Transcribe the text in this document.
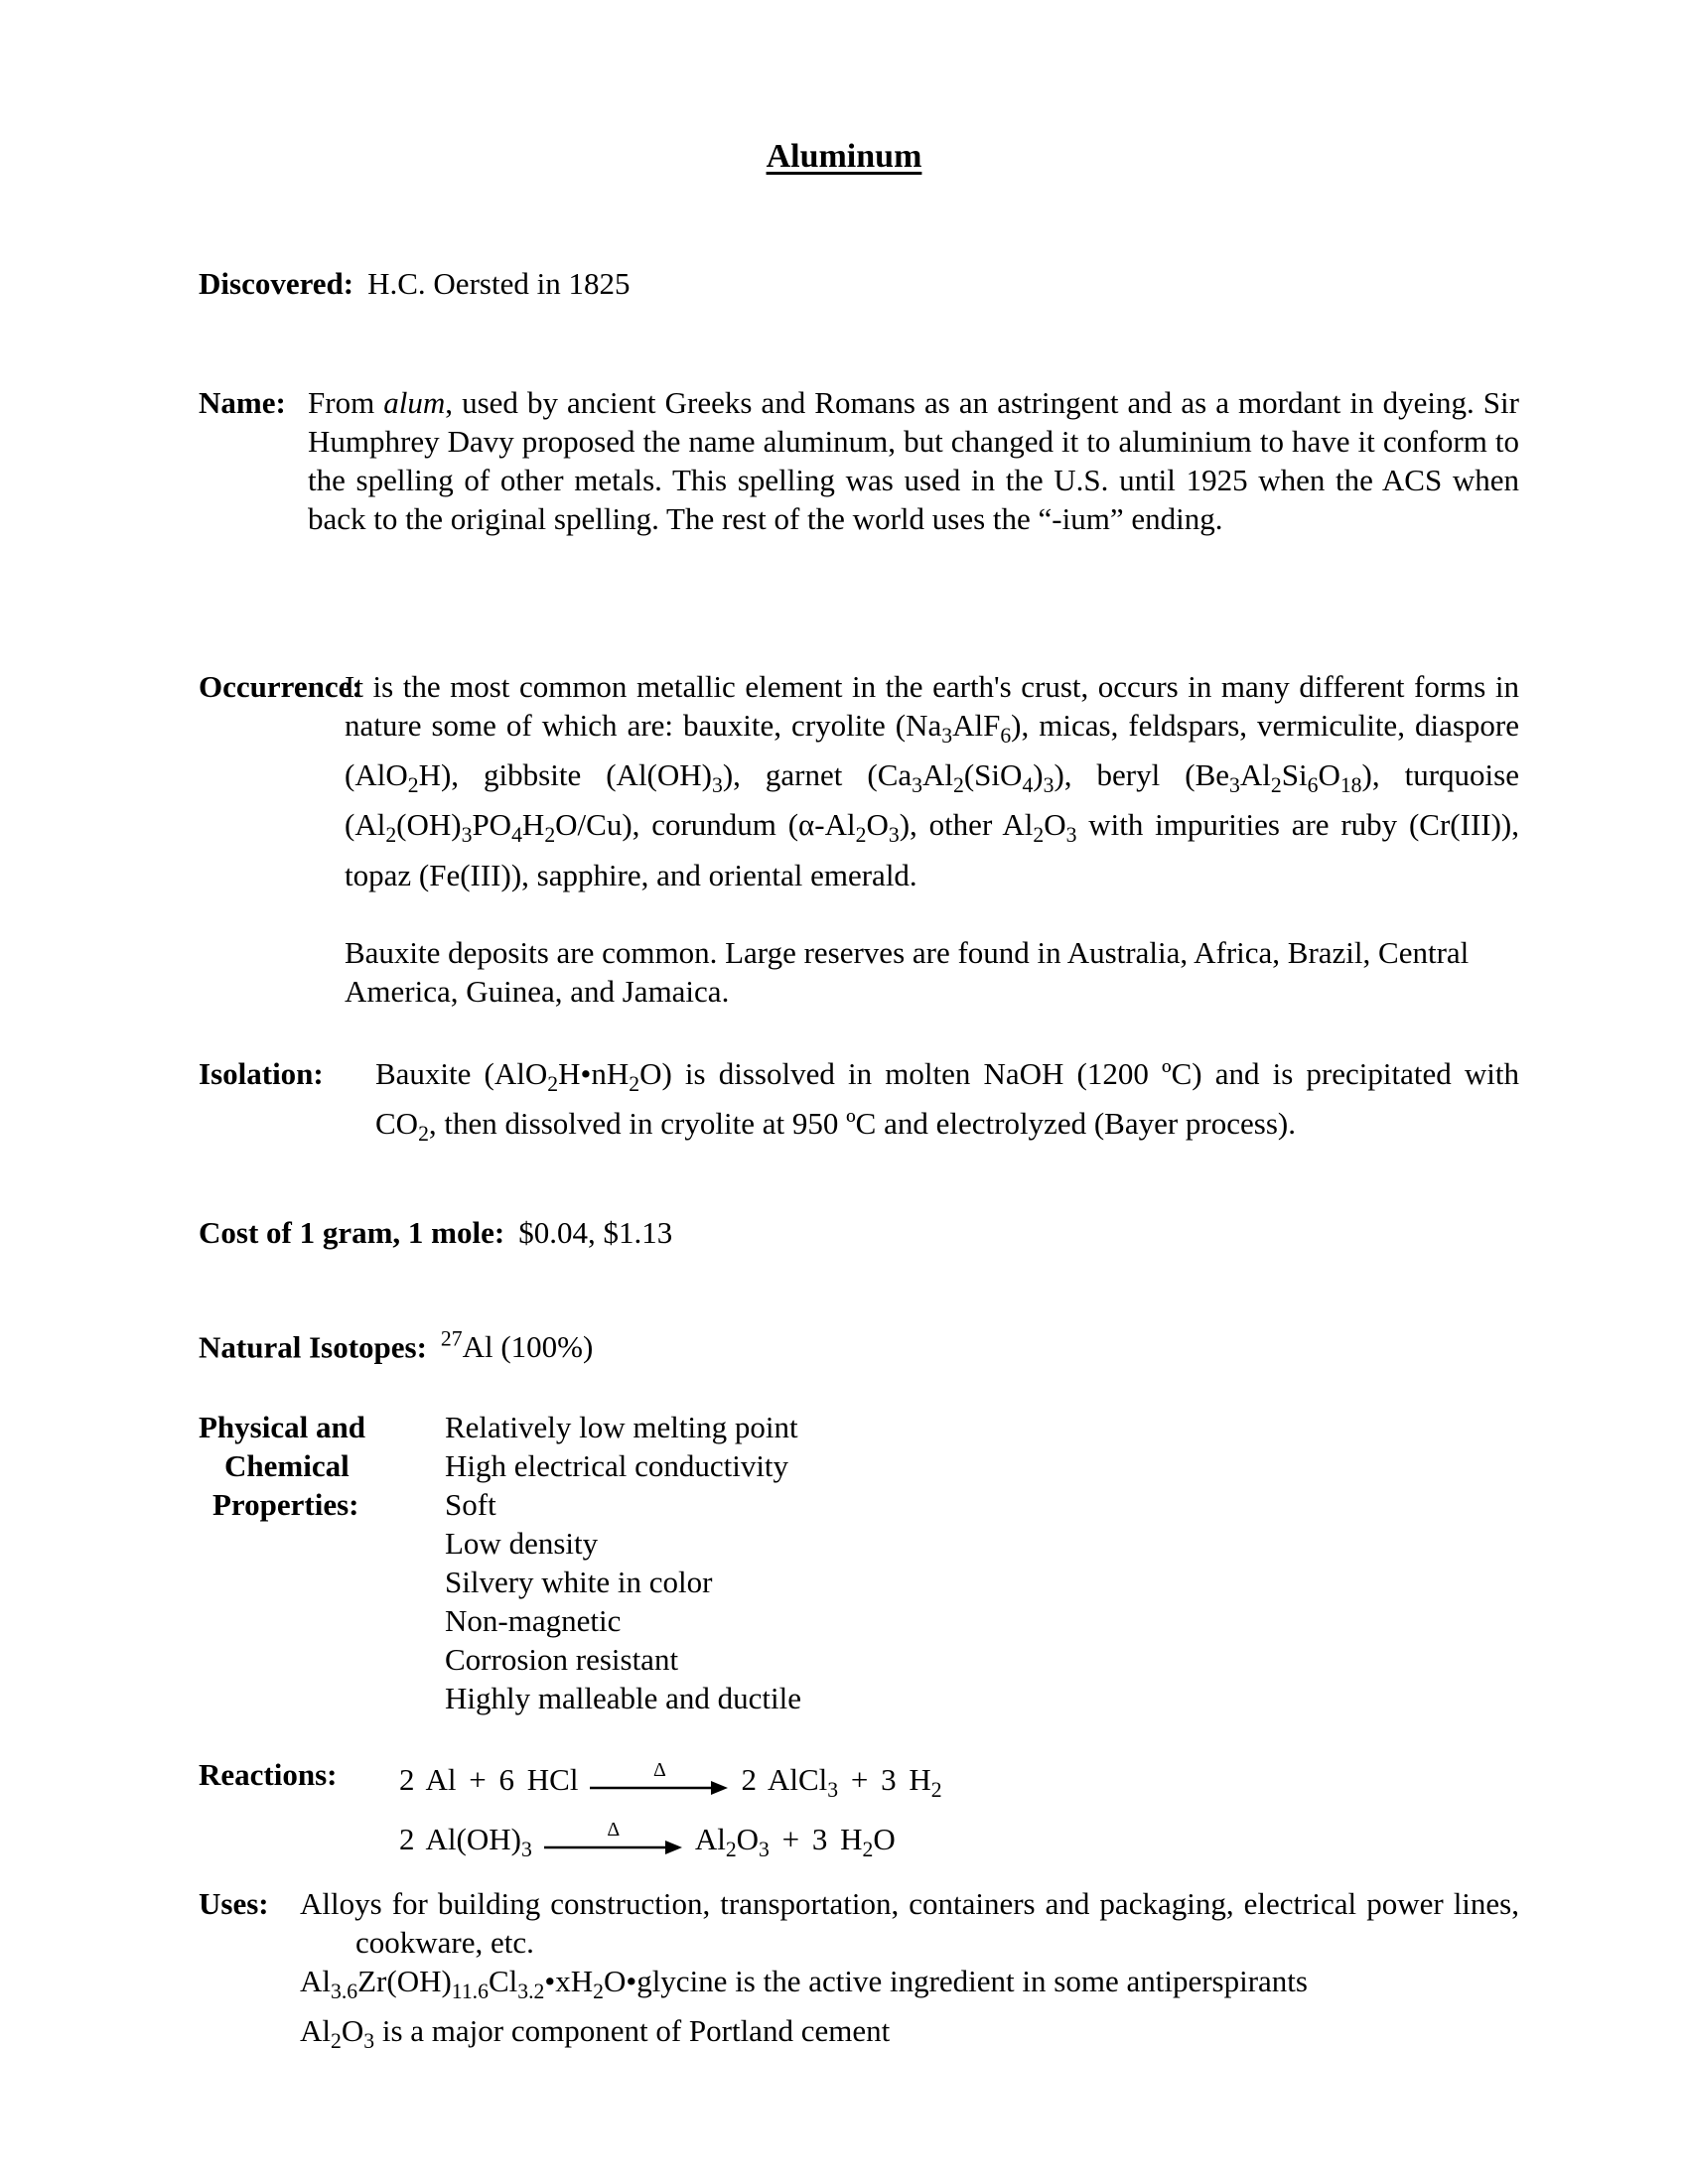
Aluminum
Discovered: H.C. Oersted in 1825
Name: From alum, used by ancient Greeks and Romans as an astringent and as a mordant in dyeing. Sir Humphrey Davy proposed the name aluminum, but changed it to aluminium to have it conform to the spelling of other metals. This spelling was used in the U.S. until 1925 when the ACS when back to the original spelling. The rest of the world uses the “-ium” ending.
Occurrence:
It is the most common metallic element in the earth's crust, occurs in many different forms in nature some of which are: bauxite, cryolite $(Na_3AlF_6)$, micas, feldspars, vermiculite, diaspore (AlO$_2$H), gibbsite $(Al(OH)_3)$, garnet $(Ca_3Al_2(SiO_4)_3)$, beryl $(Be_3Al_2Si_6O_{18})$, turquoise $(Al_2(OH)_3PO_4H_2O/Cu)$, corundum $(\alpha-Al_2O_3)$, other $Al_2O_3$ with impurities are ruby (Cr(III)), topaz (Fe(III)), sapphire, and oriental emerald.
Bauxite deposits are common. Large reserves are found in Australia, Africa, Brazil, Central America, Guinea, and Jamaica.
Isolation: Bauxite $(AlO_2H•nH_2O)$ is dissolved in molten NaOH (1200 ºC) and is precipitated with $CO_2$, then dissolved in cryolite at 950 ºC and electrolyzed (Bayer process).
Cost of 1 gram, 1 mole: $0.04, $1.13
Natural Isotopes: $^{27}$Al (100%)
Physical and
Chemical
Properties:
Relatively low melting point
High electrical conductivity
Soft
Low density
Silvery white in color
Non-magnetic
Corrosion resistant
Highly malleable and ductile
Reactions: 2 Al + 6 HCl	Δ 2 AlCl$_3$ + 3 $H_2$
2 $Al(OH)_3$
Δ $Al_2O_3 + 3$ $H_2O$
Uses: Alloys for building construction, transportation, containers and packaging, electrical power lines, cookware, etc.
$Al_{3.6}Zr(OH)_{11.6}Cl_{3.2}•xH_2O•glycine$ is the active ingredient in some antiperspirants
$Al_2O_3$ is a major component of Portland cement
